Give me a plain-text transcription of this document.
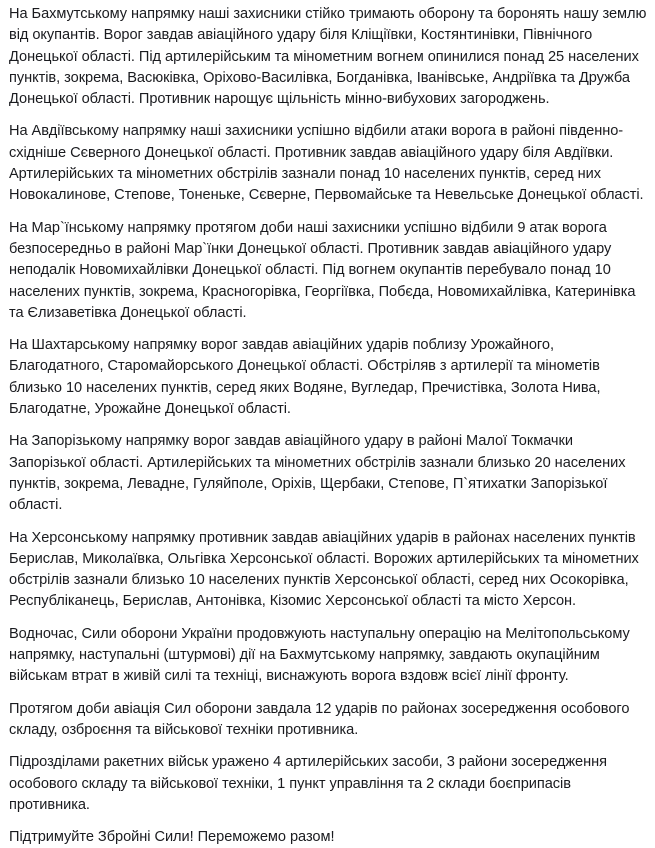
На Бахмутському напрямку наші захисники стійко тримають оборону та боронять нашу землю від окупантів. Ворог завдав авіаційного удару біля Кліщіївки, Костянтинівки, Північного Донецької області. Під артилерійським та мінометним вогнем опинилися понад 25 населених пунктів, зокрема, Васюківка, Оріхово-Василівка, Богданівка, Іванівське, Андріївка та Дружба Донецької області. Противник нарощує щільність мінно-вибухових загороджень.

На Авдіївському напрямку наші захисники успішно відбили атаки ворога в районі південно-східніше Сєверного Донецької області. Противник завдав авіаційного удару біля Авдіївки. Артилерійських та мінометних обстрілів зазнали понад 10 населених пунктів, серед них Новокалинове, Степове, Тоненьке, Сєверне, Первомайське та Невельське Донецької області.

На Мар`їнському напрямку протягом доби наші захисники успішно відбили 9 атак ворога безпосередньо в районі Мар`їнки Донецької області. Противник завдав авіаційного удару неподалік Новомихайлівки Донецької області. Під вогнем окупантів перебувало понад 10 населених пунктів, зокрема, Красногорівка, Георгіївка, Побєда, Новомихайлівка, Катеринівка та Єлизаветівка Донецької області.

На Шахтарському напрямку ворог завдав авіаційних ударів поблизу Урожайного, Благодатного, Старомайорського Донецької області. Обстріляв з артилерії та мінометів близько 10 населених пунктів, серед яких Водяне, Вугледар, Пречистівка, Золота Нива, Благодатне, Урожайне Донецької області.

На Запорізькому напрямку ворог завдав авіаційного удару в районі Малої Токмачки Запорізької області. Артилерійських та мінометних обстрілів зазнали близько 20 населених пунктів, зокрема, Левадне, Гуляйполе, Оріхів, Щербаки, Степове, П`ятихатки Запорізької області.

На Херсонському напрямку противник завдав авіаційних ударів в районах населених пунктів Берислав, Миколаївка, Ольгівка Херсонської області. Ворожих артилерійських та мінометних обстрілів зазнали близько 10 населених пунктів Херсонської області, серед них Осокорівка, Республіканець, Берислав, Антонівка, Кізомис Херсонської області та місто Херсон.

Водночас, Сили оборони України продовжують наступальну операцію на Мелітопольському напрямку, наступальні (штурмові) дії на Бахмутському напрямку, завдають окупаційним військам втрат в живій силі та техніці, виснажують ворога вздовж всієї лінії фронту.

Протягом доби авіація Сил оборони завдала 12 ударів по районах зосередження особового складу, озброєння та військової техніки противника.

Підрозділами ракетних військ уражено 4 артилерійських засоби, 3 райони зосередження особового складу та військової техніки, 1 пункт управління та 2 склади боєприпасів противника.

Підтримуйте Збройні Сили! Переможемо разом!
